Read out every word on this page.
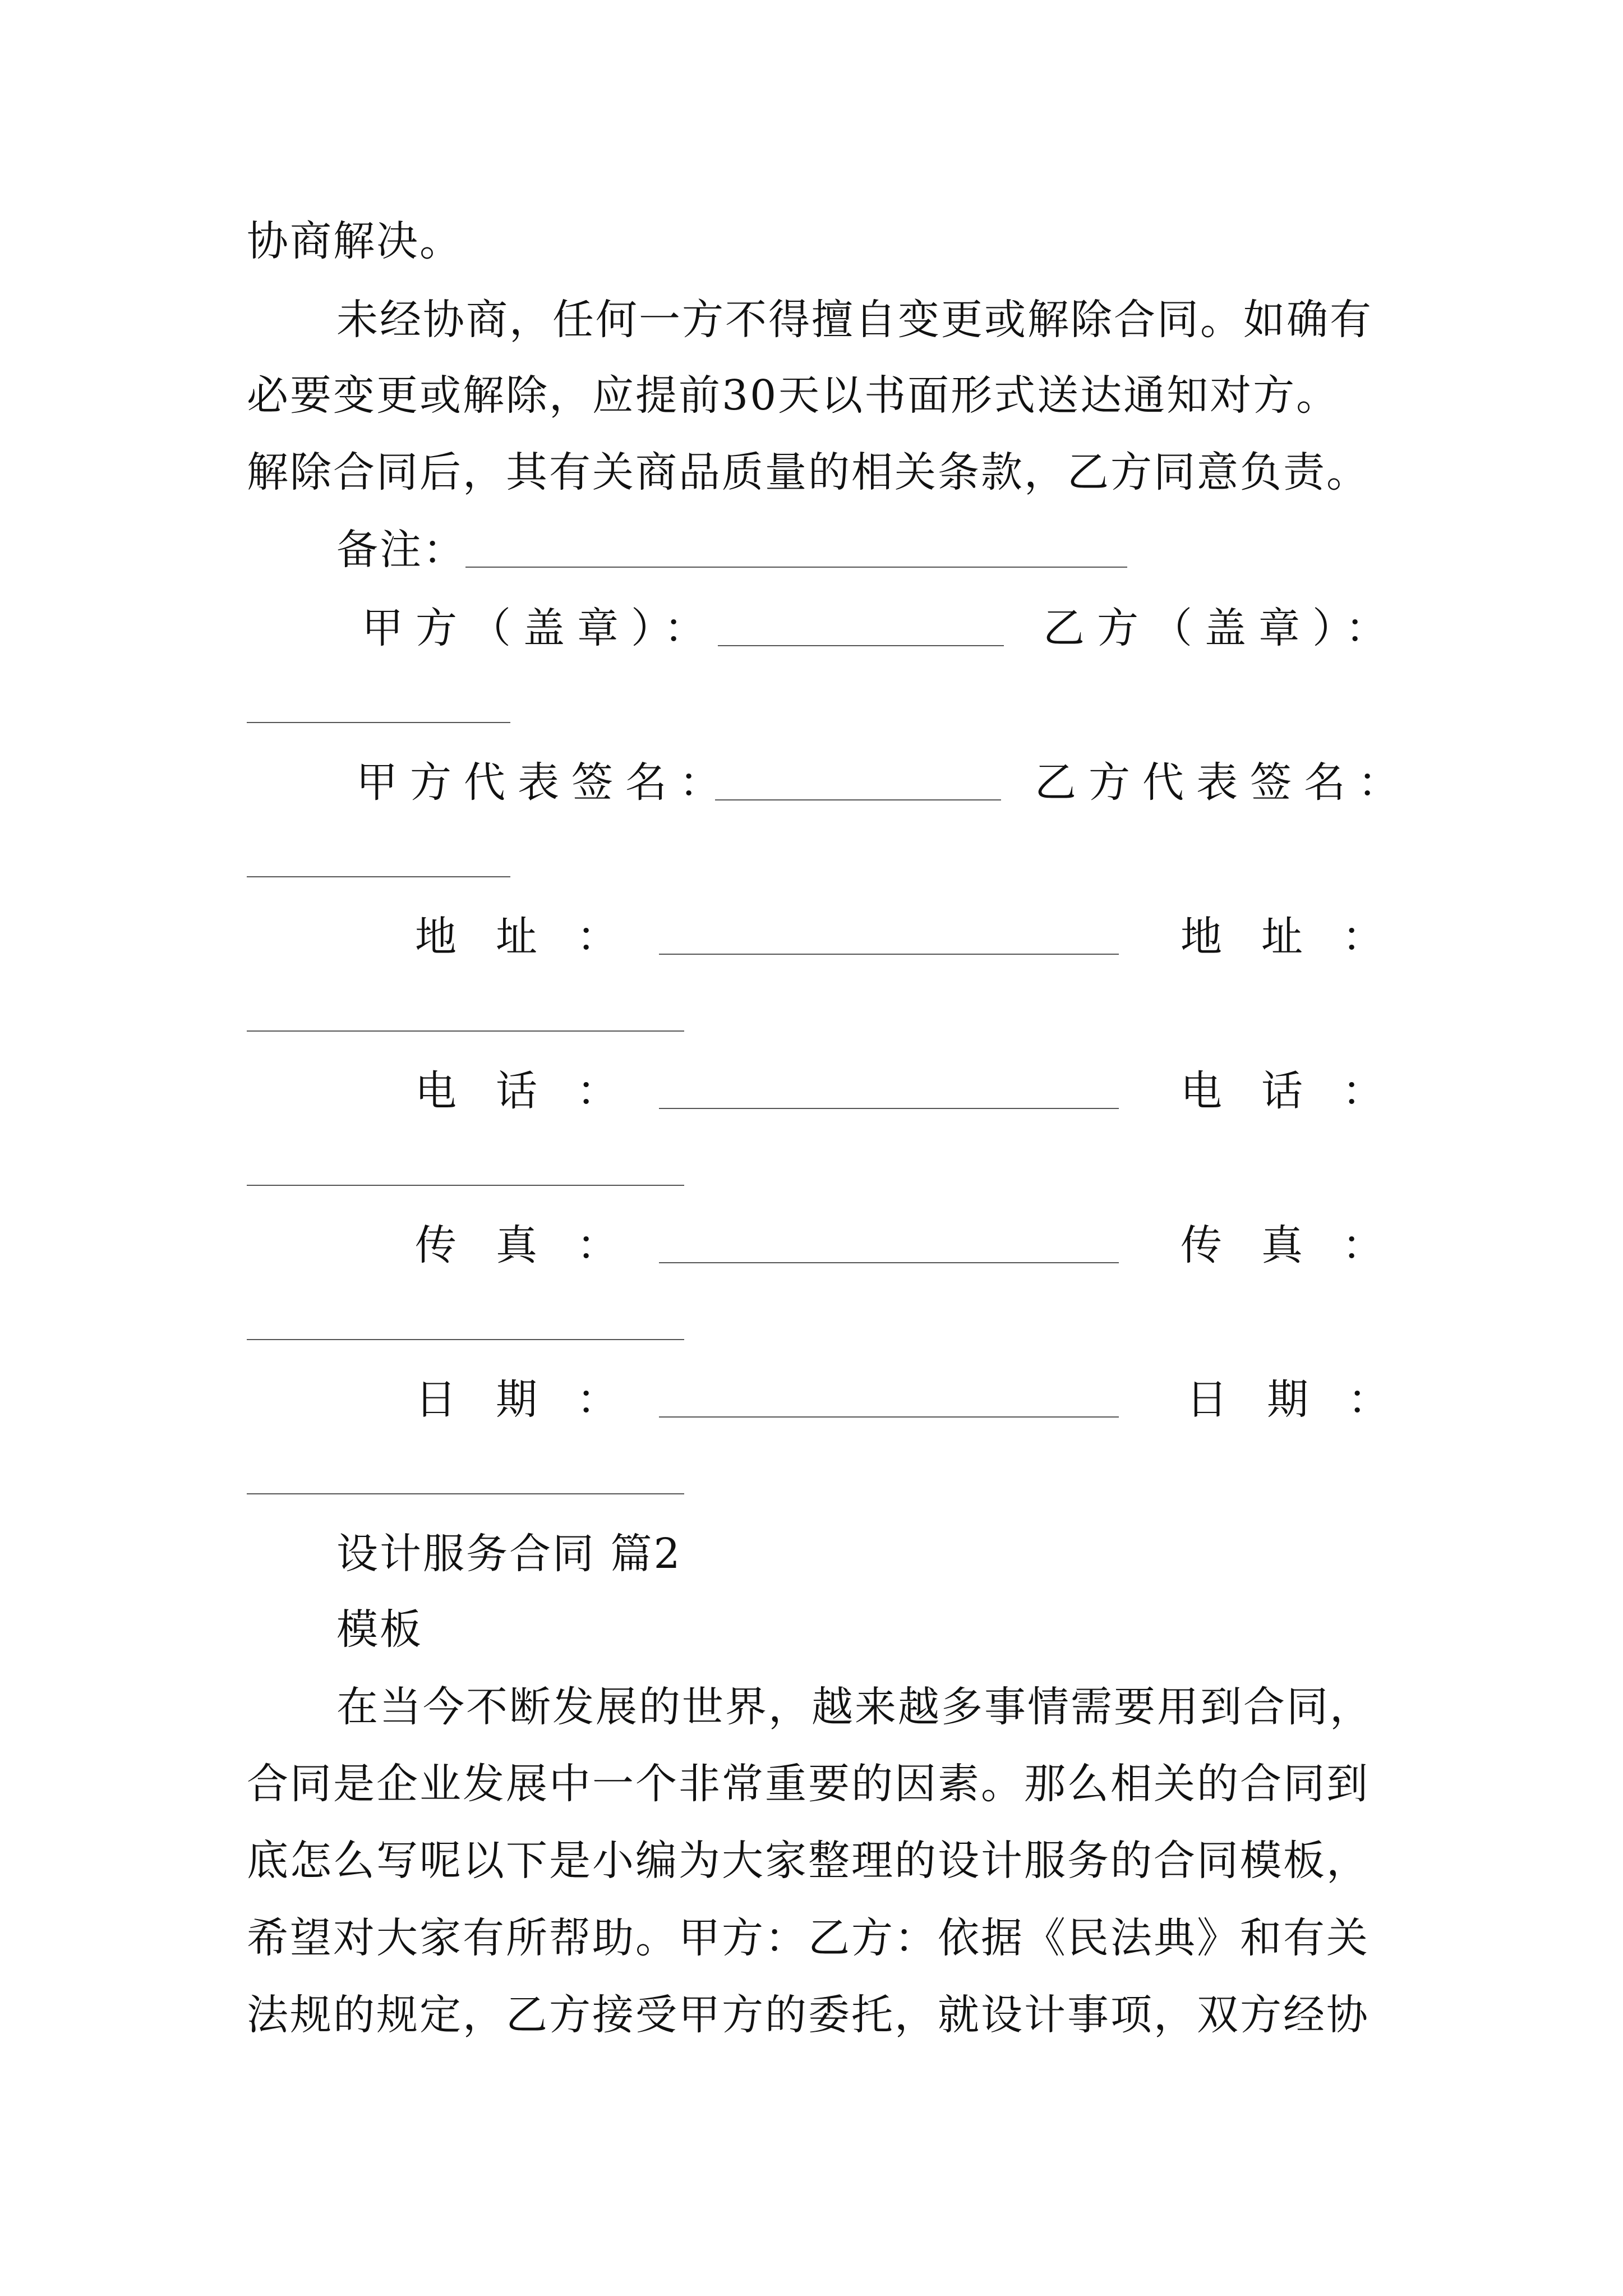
协商解决。
未经协商，任何一方不得擅自变更或解除合同。如确有
必要变更或解除，应提前30天以书面形式送达通知对方。
解除合同后，其有关商品质量的相关条款，乙方同意负责。
备注：
甲方（盖章）：	乙方（盖章）：
甲方代表签名：	乙方代表签名：
地址：	地址：
电话：	电话：
传真：	传真：
日期：	日期：
设计服务合同 篇2
模板
在当今不断发展的世界，越来越多事情需要用到合同，
合同是企业发展中一个非常重要的因素。那么相关的合同到
底怎么写呢以下是小编为大家整理的设计服务的合同模板，
希望对大家有所帮助。甲方：乙方：依据《民法典》和有关
法规的规定，乙方接受甲方的委托，就设计事项，双方经协
